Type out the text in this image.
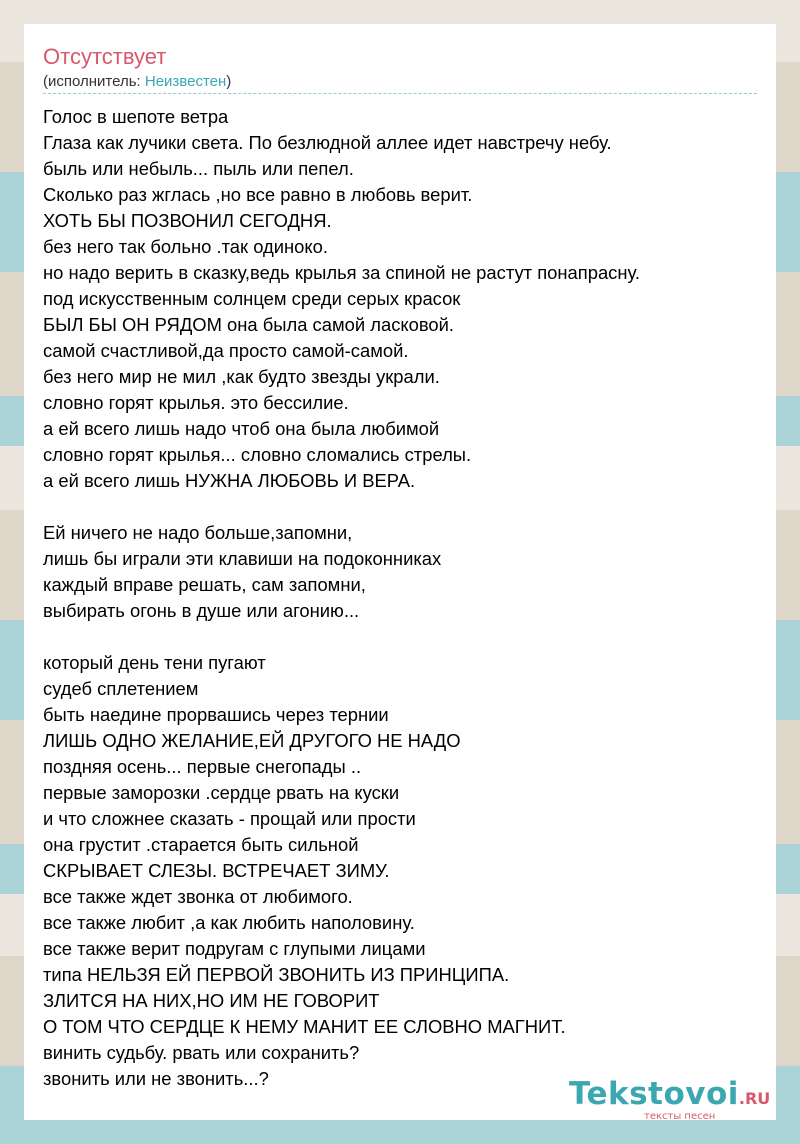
Отсутствует
(исполнитель: Неизвестен)
Голос в шепоте ветра
Глаза как лучики света. По безлюдной аллее идет навстречу небу.
быль или небыль... пыль или пепел.
Сколько раз жглась ,но все равно в любовь верит.
ХОТЬ БЫ ПОЗВОНИЛ СЕГОДНЯ.
без него так больно .так одиноко.
но надо верить в сказку,ведь крылья за спиной не растут понапрасну.
под искусственным солнцем среди серых красок
БЫЛ БЫ ОН РЯДОМ она была самой ласковой.
самой счастливой,да просто самой-самой.
без него мир не мил ,как будто звезды украли.
словно горят крылья. это бессилие.
а ей всего лишь надо чтоб она была любимой
словно горят крылья... словно сломались стрелы.
а ей всего лишь НУЖНА ЛЮБОВЬ И ВЕРА.
Ей ничего не надо больше,запомни,
лишь бы играли эти клавиши на подоконниках
каждый вправе решать, сам запомни,
выбирать огонь в душе или агонию...
который день тени пугают
судеб сплетением
быть наедине прорвашись через тернии
ЛИШЬ ОДНО ЖЕЛАНИЕ,ЕЙ ДРУГОГО НЕ НАДО
поздняя осень... первые снегопады ..
первые заморозки .сердце рвать на куски
и что сложнее сказать - прощай или прости
она грустит .старается быть сильной
СКРЫВАЕТ СЛЕЗЫ. ВСТРЕЧАЕТ ЗИМУ.
все также ждет звонка от любимого.
все также любит ,а как любить наполовину.
все также верит подругам с глупыми лицами
типа НЕЛЬЗЯ ЕЙ ПЕРВОЙ ЗВОНИТЬ ИЗ ПРИНЦИПА.
ЗЛИТСЯ НА НИХ,НО ИМ НЕ ГОВОРИТ
О ТОМ ЧТО СЕРДЦЕ К НЕМУ МАНИТ ЕЕ СЛОВНО МАГНИТ.
винить судьбу. рвать или сохранить?
звонить или не звонить...?	Tekstovoi.RU
тексты песен
